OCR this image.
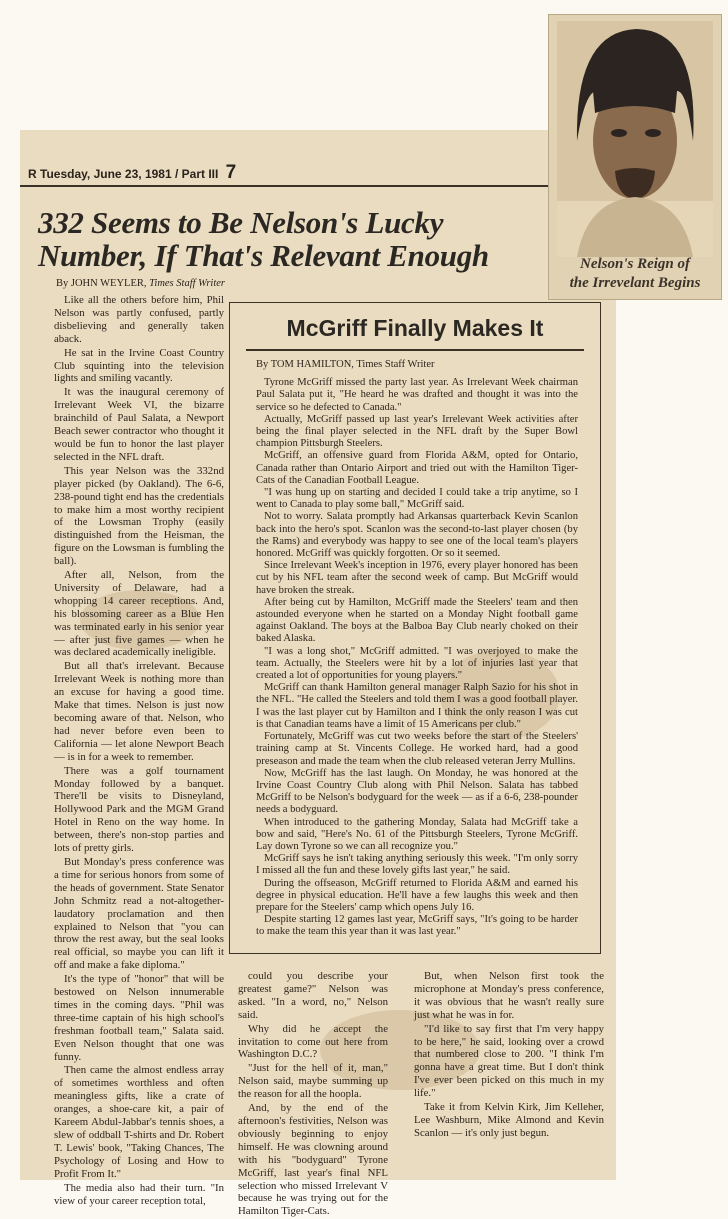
R Tuesday, June 23, 1981 / Part III 7
332 Seems to Be Nelson's Lucky
Number, If That's Relevant Enough
By JOHN WEYLER, Times Staff Writer

Like all the others before him, Phil Nelson was partly confused, partly disbelieving and generally taken aback.

He sat in the Irvine Coast Country Club squinting into the television lights and smiling vacantly.

It was the inaugural ceremony of Irrelevant Week VI, the bizarre brainchild of Paul Salata, a Newport Beach sewer contractor who thought it would be fun to honor the last player selected in the NFL draft.

This year Nelson was the 332nd player picked (by Oakland). The 6-6, 238-pound tight end has the credentials to make him a most worthy recipient of the Lowsman Trophy (easily distinguished from the Heisman, the figure on the Lowsman is fumbling the ball).

After all, Nelson, from the University of Delaware, had a whopping 14 career receptions. And, his blossoming career as a Blue Hen was terminated early in his senior year — after just five games — when he was declared academically ineligible.

But all that's irrelevant. Because Irrelevant Week is nothing more than an excuse for having a good time. Make that times. Nelson is just now becoming aware of that. Nelson, who had never before even been to California — let alone Newport Beach — is in for a week to remember.

There was a golf tournament Monday followed by a banquet. There'll be visits to Disneyland, Hollywood Park and the MGM Grand Hotel in Reno on the way home. In between, there's non-stop parties and lots of pretty girls.

But Monday's press conference was a time for serious honors from some of the heads of government. State Senator John Schmitz read a not-altogether-laudatory proclamation and then explained to Nelson that "you can throw the rest away, but the seal looks real official, so maybe you can lift it off and make a fake diploma."

It's the type of "honor" that will be bestowed on Nelson innumerable times in the coming days. "Phil was three-time captain of his high school's freshman football team," Salata said. Even Nelson thought that one was funny.

Then came the almost endless array of sometimes worthless and often meaningless gifts, like a crate of oranges, a shoe-care kit, a pair of Kareem Abdul-Jabbar's tennis shoes, a slew of oddball T-shirts and Dr. Robert T. Lewis' book, "Taking Chances, The Psychology of Losing and How to Profit From It."

The media also had their turn. "In view of your career reception total,

could you describe your greatest game?" Nelson was asked. "In a word, no," Nelson said.

Why did he accept the invitation to come out here from Washington D.C.?

"Just for the hell of it, man," Nelson said, maybe summing up the reason for all the hoopla.

And, by the end of the afternoon's festivities, Nelson was obviously beginning to enjoy himself. He was clowning around with his "bodyguard" Tyrone McGriff, last year's final NFL selection who missed Irrelevant V because he was trying out for the Hamilton Tiger-Cats.

But, when Nelson first took the microphone at Monday's press conference, it was obvious that he wasn't really sure just what he was in for.

"I'd like to say first that I'm very happy to be here," he said, looking over a crowd that numbered close to 200. "I think I'm gonna have a great time. But I don't think I've ever been picked on this much in my life."

Take it from Kelvin Kirk, Jim Kelleher, Lee Washburn, Mike Almond and Kevin Scanlon — it's only just begun.

McGriff Finally Makes It

By TOM HAMILTON, Times Staff Writer

Tyrone McGriff missed the party last year. As Irrelevant Week chairman Paul Salata put it, "He heard he was drafted and thought it was into the service so he defected to Canada."

Actually, McGriff passed up last year's Irrelevant Week activities after being the final player selected in the NFL draft by the Super Bowl champion Pittsburgh Steelers.

McGriff, an offensive guard from Florida A&M, opted for Ontario, Canada rather than Ontario Airport and tried out with the Hamilton Tiger-Cats of the Canadian Football League.

"I was hung up on starting and decided I could take a trip anytime, so I went to Canada to play some ball," McGriff said.

Not to worry. Salata promptly had Arkansas quarterback Kevin Scanlon back into the hero's spot. Scanlon was the second-to-last player chosen (by the Rams) and everybody was happy to see one of the local team's players honored. McGriff was quickly forgotten. Or so it seemed.

Since Irrelevant Week's inception in 1976, every player honored has been cut by his NFL team after the second week of camp. But McGriff would have broken the streak.

After being cut by Hamilton, McGriff made the Steelers' team and then astounded everyone when he started on a Monday Night football game against Oakland. The boys at the Balboa Bay Club nearly choked on their baked Alaska.

"I was a long shot," McGriff admitted. "I was overjoyed to make the team. Actually, the Steelers were hit by a lot of injuries last year that created a lot of opportunities for young players."

McGriff can thank Hamilton general manager Ralph Sazio for his shot in the NFL. "He called the Steelers and told them I was a good football player. I was the last player cut by Hamilton and I think the only reason I was cut is that Canadian teams have a limit of 15 Americans per club."

Fortunately, McGriff was cut two weeks before the start of the Steelers' training camp at St. Vincents College. He worked hard, had a good preseason and made the team when the club released veteran Jerry Mullins.

Now, McGriff has the last laugh. On Monday, he was honored at the Irvine Coast Country Club along with Phil Nelson. Salata has tabbed McGriff to be Nelson's bodyguard for the week — as if a 6-6, 238-pounder needs a bodyguard.

When introduced to the gathering Monday, Salata had McGriff take a bow and said, "Here's No. 61 of the Pittsburgh Steelers, Tyrone McGriff. Lay down Tyrone so we can all recognize you."

McGriff says he isn't taking anything seriously this week. "I'm only sorry I missed all the fun and these lovely gifts last year," he said.

During the offseason, McGriff returned to Florida A&M and earned his degree in physical education. He'll have a few laughs this week and then prepare for the Steelers' camp which opens July 16.

Despite starting 12 games last year, McGriff says, "It's going to be harder to make the team this year than it was last year."

Nelson's Reign of
the Irrevelant Begins
